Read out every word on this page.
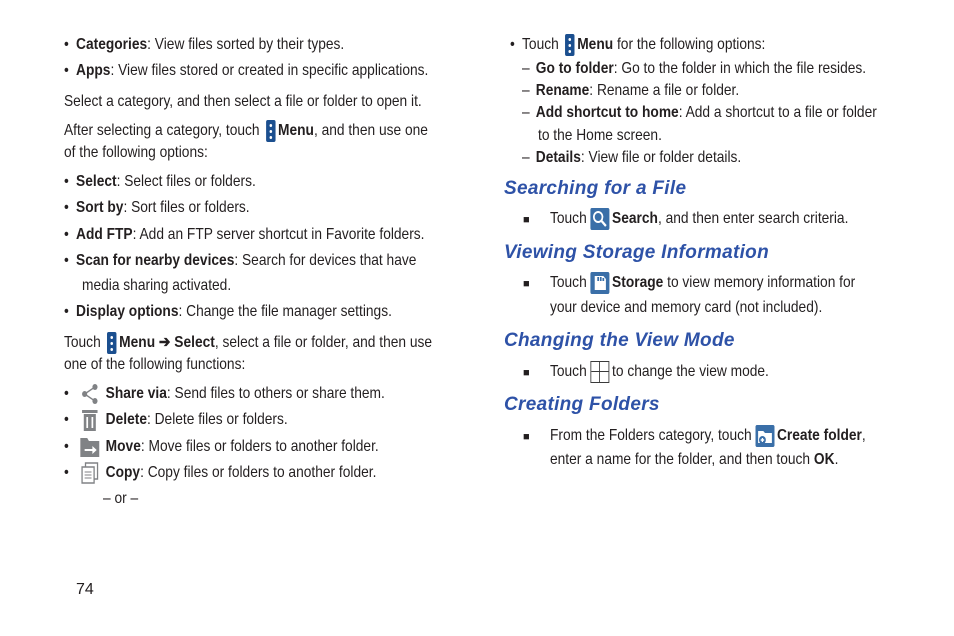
• Categories: View files sorted by their types.
• Apps: View files stored or created in specific applications.
Select a category, and then select a file or folder to open it.
After selecting a category, touch Menu, and then use one
of the following options:
• Select: Select files or folders.
• Sort by: Sort files or folders.
• Add FTP: Add an FTP server shortcut in Favorite folders.
• Scan for nearby devices: Search for devices that have
media sharing activated.
• Display options: Change the file manager settings.
Touch Menu ➔ Select, select a file or folder, and then use
one of the following functions:
• Share via: Send files to others or share them.
• Delete: Delete files or folders.
• Move: Move files or folders to another folder.
• Copy: Copy files or folders to another folder.
– or –
• Touch Menu for the following options:
– Go to folder: Go to the folder in which the file resides.
– Rename: Rename a file or folder.
– Add shortcut to home: Add a shortcut to a file or folder
to the Home screen.
– Details: View file or folder details.
Searching for a File
■ Touch Search, and then enter search criteria.
Viewing Storage Information
■ Touch Storage to view memory information for
your device and memory card (not included).
Changing the View Mode
■ Touch to change the view mode.
Creating Folders
■ From the Folders category, touch Create folder,
enter a name for the folder, and then touch OK.
74
